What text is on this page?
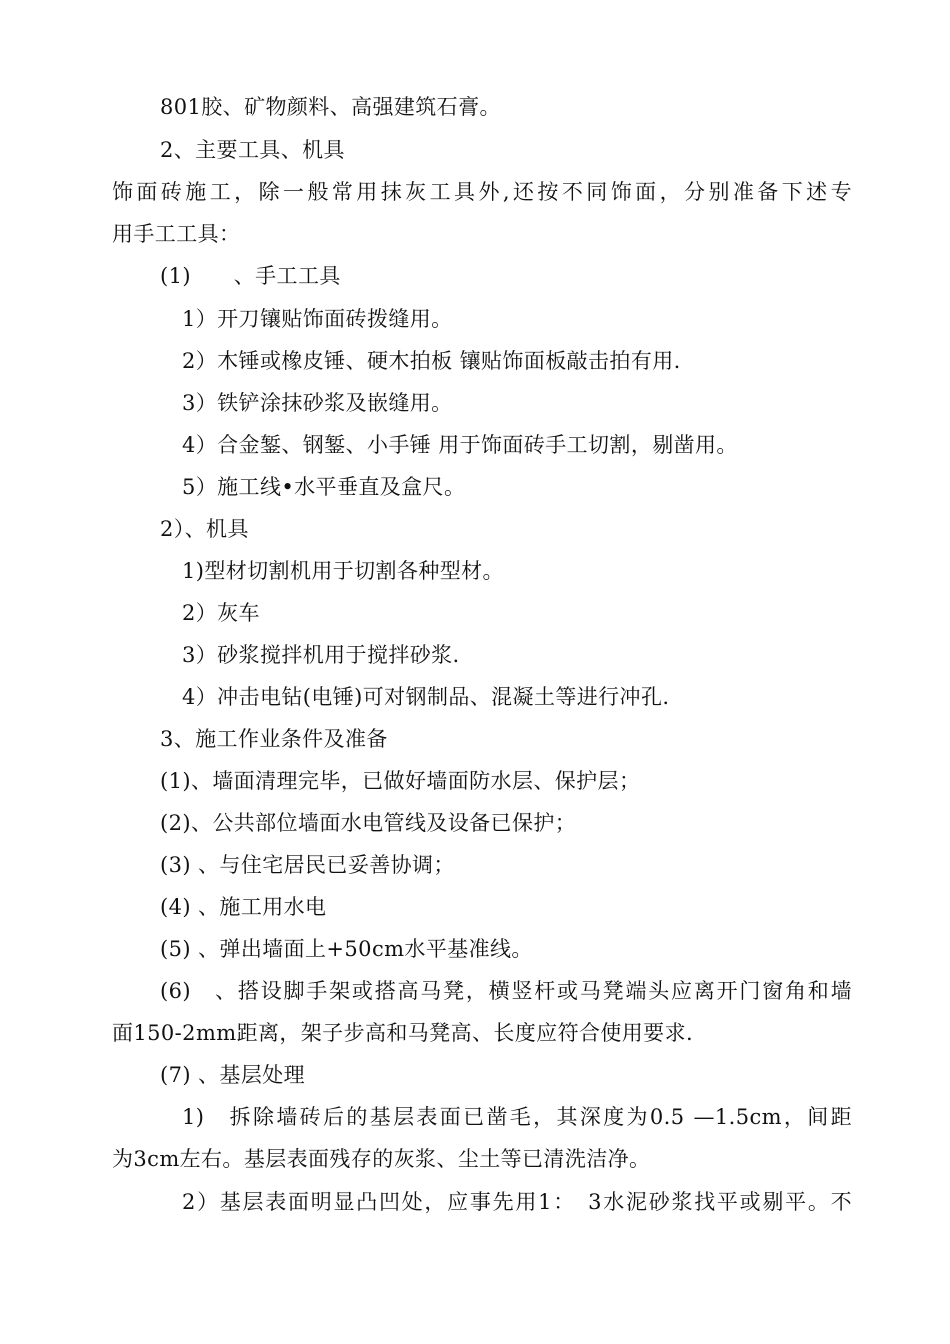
801胶、矿物颜料、高强建筑石膏。
2、主要工具、机具
饰面砖施工，除一般常用抹灰工具外,还按不同饰面，分别准备下述专
用手工工具：
(1)　　、手工工具
1）开刀镶贴饰面砖拨缝用。
2）木锤或橡皮锤、硬木拍板 镶贴饰面板敲击拍有用.
3）铁铲涂抹砂浆及嵌缝用。
4）合金錾、钢錾、小手锤 用于饰面砖手工切割，剔凿用。
5）施工线•水平垂直及盒尺。
2）、机具
1)型材切割机用于切割各种型材。
2）灰车
3）砂浆搅拌机用于搅拌砂浆.
4）冲击电钻(电锤)可对钢制品、混凝土等进行冲孔.
3、施工作业条件及准备
(1)、墙面清理完毕，已做好墙面防水层、保护层；
(2)、公共部位墙面水电管线及设备已保护；
(3) 、与住宅居民已妥善协调；
(4) 、施工用水电
(5) 、弹出墙面上+50cm水平基准线。
(6)　、搭设脚手架或搭高马凳，横竖杆或马凳端头应离开门窗角和墙
面150-2mm距离，架子步高和马凳高、长度应符合使用要求.
(7) 、基层处理
1)　拆除墙砖后的基层表面已凿毛，其深度为0.5 —1.5cm，间距
为3cm左右。基层表面残存的灰浆、尘土等已清洗洁净。
2）基层表面明显凸凹处，应事先用1：　3水泥砂浆找平或剔平。不
